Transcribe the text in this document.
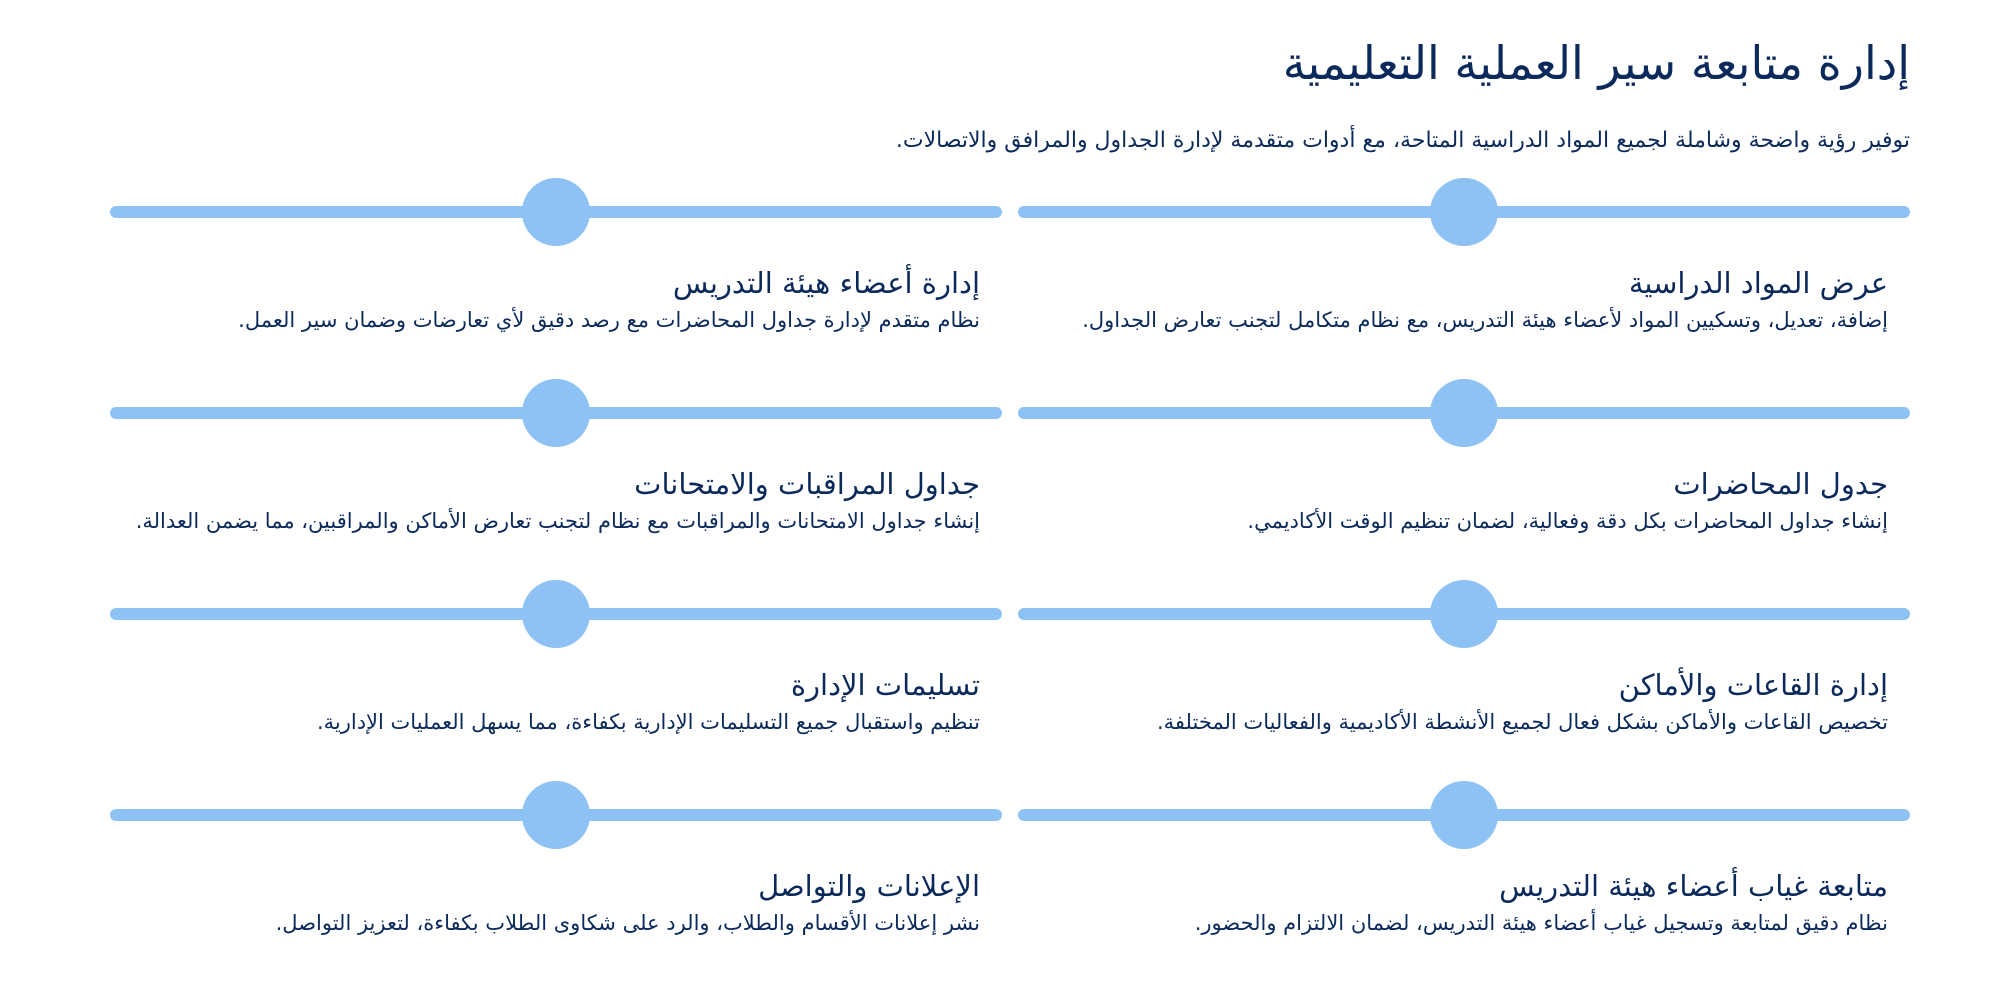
إدارة متابعة سير العملية التعليمية

توفير رؤية واضحة وشاملة لجميع المواد الدراسية المتاحة، مع أدوات متقدمة لإدارة الجداول والمرافق والاتصالات.

عرض المواد الدراسية

إضافة، تعديل، وتسكيين المواد لأعضاء هيئة التدريس، مع نظام متكامل لتجنب تعارض الجداول.

إدارة أعضاء هيئة التدريس

نظام متقدم لإدارة جداول المحاضرات مع رصد دقيق لأي تعارضات وضمان سير العمل.

جدول المحاضرات

إنشاء جداول المحاضرات بكل دقة وفعالية، لضمان تنظيم الوقت الأكاديمي.

جداول المراقبات والامتحانات

إنشاء جداول الامتحانات والمراقبات مع نظام لتجنب تعارض الأماكن والمراقبين، مما يضمن العدالة.

إدارة القاعات والأماكن

تخصيص القاعات والأماكن بشكل فعال لجميع الأنشطة الأكاديمية والفعاليات المختلفة.

تسليمات الإدارة

تنظيم واستقبال جميع التسليمات الإدارية بكفاءة، مما يسهل العمليات الإدارية.

متابعة غياب أعضاء هيئة التدريس

نظام دقيق لمتابعة وتسجيل غياب أعضاء هيئة التدريس، لضمان الالتزام والحضور.

الإعلانات والتواصل

نشر إعلانات الأقسام والطلاب، والرد على شكاوى الطلاب بكفاءة، لتعزيز التواصل.
